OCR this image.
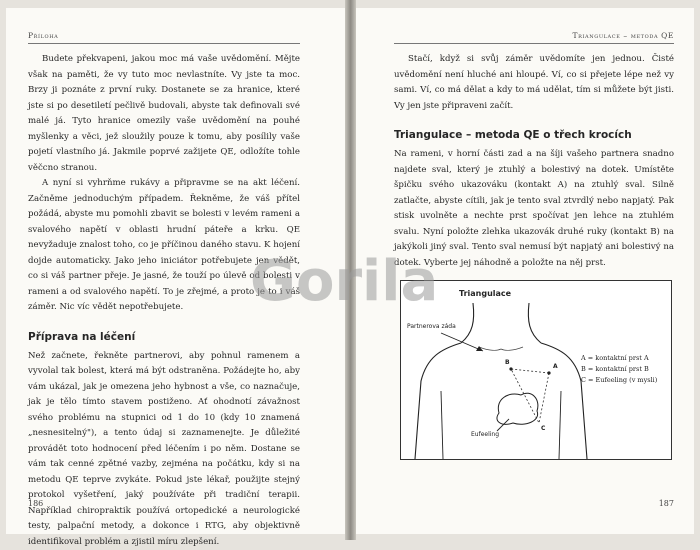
Příloha

Budete překvapeni, jakou moc má vaše uvědomění. Mějte však na paměti, že vy tuto moc nevlastníte. Vy jste ta moc. Brzy ji poznáte z první ruky. Dostanete se za hranice, které jste si po desetiletí pečlivě budovali, abyste tak definovali své malé já. Tyto hranice omezily vaše uvědomění na pouhé myšlenky a věci, jež sloužily pouze k tomu, aby posílily vaše pojetí vlastního já. Jakmile poprvé zažijete QE, odložíte tohle věčcno stranou.

A nyní si vyhrňme rukávy a připravme se na akt léčení. Začněme jednoduchým případem. Řekněme, že váš přítel požádá, abyste mu pomohli zbavit se bolesti v levém rameni a svalového napětí v oblasti hrudní páteře a krku. QE nevyžaduje znalost toho, co je příčinou daného stavu. K hojení dojde automaticky. Jako jeho iniciátor potřebujete jen vědět, co si váš partner přeje. Je jasné, že touží po úlevě od bolesti v rameni a od svalového napětí. To je zřejmé, a proto je to i váš záměr. Nic víc vědět nepotřebujete.

Příprava na léčení

Než začnete, řekněte partnerovi, aby pohnul ramenem a vyvolal tak bolest, která má být odstraněna. Požádejte ho, aby vám ukázal, jak je omezena jeho hybnost a vše, co naznačuje, jak je tělo tímto stavem postiženo. Ať ohodnotí závažnost svého problému na stupnici od 1 do 10 (kdy 10 znamená „nesnesitelný"), a tento údaj si zaznamenejte. Je důležité provádět toto hodnocení před léčením i po něm. Dostane se vám tak cenné zpětné vazby, zejména na počátku, kdy si na metodu QE teprve zvykáte. Pokud jste lékař, použijte stejný protokol vyšetření, jaký používáte při tradiční terapii. Například chiropraktik používá ortopedické a neurologické testy, palpační metody, a dokonce i RTG, aby objektivně identifikoval problém a zjistil míru zlepšení.

186
Triangulace – metoda QE

Stačí, když si svůj záměr uvědomíte jen jednou. Čisté uvědomění není hluché ani hloupé. Ví, co si přejete lépe než vy sami. Ví, co má dělat a kdy to má udělat, tím si můžete být jisti. Vy jen jste připraveni začít.

Triangulace – metoda QE o třech krocích

Na rameni, v horní části zad a na šíji vašeho partnera snadno najdete sval, který je ztuhlý a bolestivý na dotek. Umístěte špičku svého ukazováku (kontakt A) na ztuhlý sval. Silně zatlačte, abyste cítili, jak je tento sval ztvrdlý nebo napjatý. Pak stisk uvolněte a nechte prst spočívat jen lehce na ztuhlém svalu. Nyní položte zlehka ukazovák druhé ruky (kontakt B) na jakýkoli jiný sval. Tento sval nemusí být napjatý ani bolestivý na dotek. Vyberte jej náhodně a položte na něj prst.

Triangulace
Partnerova záda
A
B
C
Eufeeling
A = kontaktní prst A
B = kontaktní prst B
C = Eufeeling (v mysli)
187
Gorila
